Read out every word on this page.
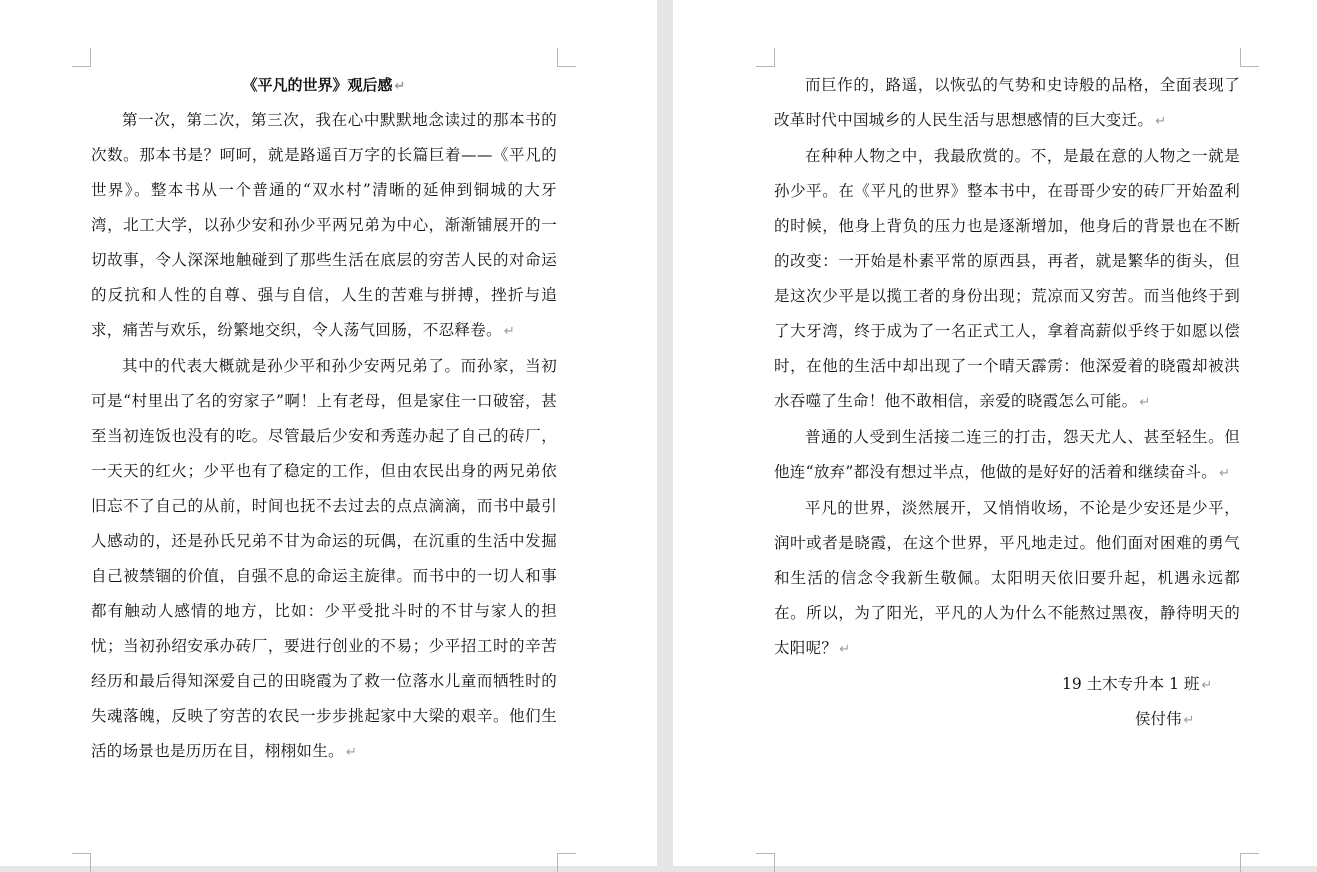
《平凡的世界》观后感 ↵

第一次，第二次，第三次，我在心中默默地念读过的那本书的次数。那本书是？呵呵，就是路遥百万字的长篇巨着——《平凡的世界》。整本书从一个普通的“双水村”清晰的延伸到铜城的大牙湾，北工大学，以孙少安和孙少平两兄弟为中心，渐渐铺展开的一切故事，令人深深地触碰到了那些生活在底层的穷苦人民的对命运的反抗和人性的自尊、强与自信，人生的苦难与拼搏，挫折与追求，痛苦与欢乐，纷繁地交织，令人荡气回肠，不忍释卷。 ↵

其中的代表大概就是孙少平和孙少安两兄弟了。而孙家，当初可是“村里出了名的穷家子”啊！上有老母，但是家住一口破窑，甚至当初连饭也没有的吃。尽管最后少安和秀莲办起了自己的砖厂，一天天的红火；少平也有了稳定的工作，但由农民出身的两兄弟依旧忘不了自己的从前，时间也抚不去过去的点点滴滴，而书中最引人感动的，还是孙氏兄弟不甘为命运的玩偶，在沉重的生活中发掘自己被禁锢的价值，自强不息的命运主旋律。而书中的一切人和事都有触动人感情的地方，比如：少平受批斗时的不甘与家人的担忧；当初孙绍安承办砖厂，要进行创业的不易；少平招工时的辛苦经历和最后得知深爱自己的田晓霞为了救一位落水儿童而牺牲时的失魂落魄，反映了穷苦的农民一步步挑起家中大梁的艰辛。他们生活的场景也是历历在目，栩栩如生。 ↵

而巨作的，路遥，以恢弘的气势和史诗般的品格，全面表现了改革时代中国城乡的人民生活与思想感情的巨大变迁。 ↵

在种种人物之中，我最欣赏的。不，是最在意的人物之一就是孙少平。在《平凡的世界》整本书中，在哥哥少安的砖厂开始盈利的时候，他身上背负的压力也是逐渐增加，他身后的背景也在不断的改变：一开始是朴素平常的原西县，再者，就是繁华的街头，但是这次少平是以揽工者的身份出现；荒凉而又穷苦。而当他终于到了大牙湾，终于成为了一名正式工人，拿着高薪似乎终于如愿以偿时，在他的生活中却出现了一个晴天霹雳：他深爱着的晓霞却被洪水吞噬了生命！他不敢相信，亲爱的晓霞怎么可能。 ↵

普通的人受到生活接二连三的打击，怨天尤人、甚至轻生。但他连“放弃”都没有想过半点，他做的是好好的活着和继续奋斗。 ↵

平凡的世界，淡然展开，又悄悄收场，不论是少安还是少平，润叶或者是晓霞，在这个世界，平凡地走过。他们面对困难的勇气和生活的信念令我新生敬佩。太阳明天依旧要升起，机遇永远都在。所以，为了阳光，平凡的人为什么不能熬过黑夜，静待明天的太阳呢？ ↵

19 土木专升本 1 班 ↵
侯付伟 ↵
